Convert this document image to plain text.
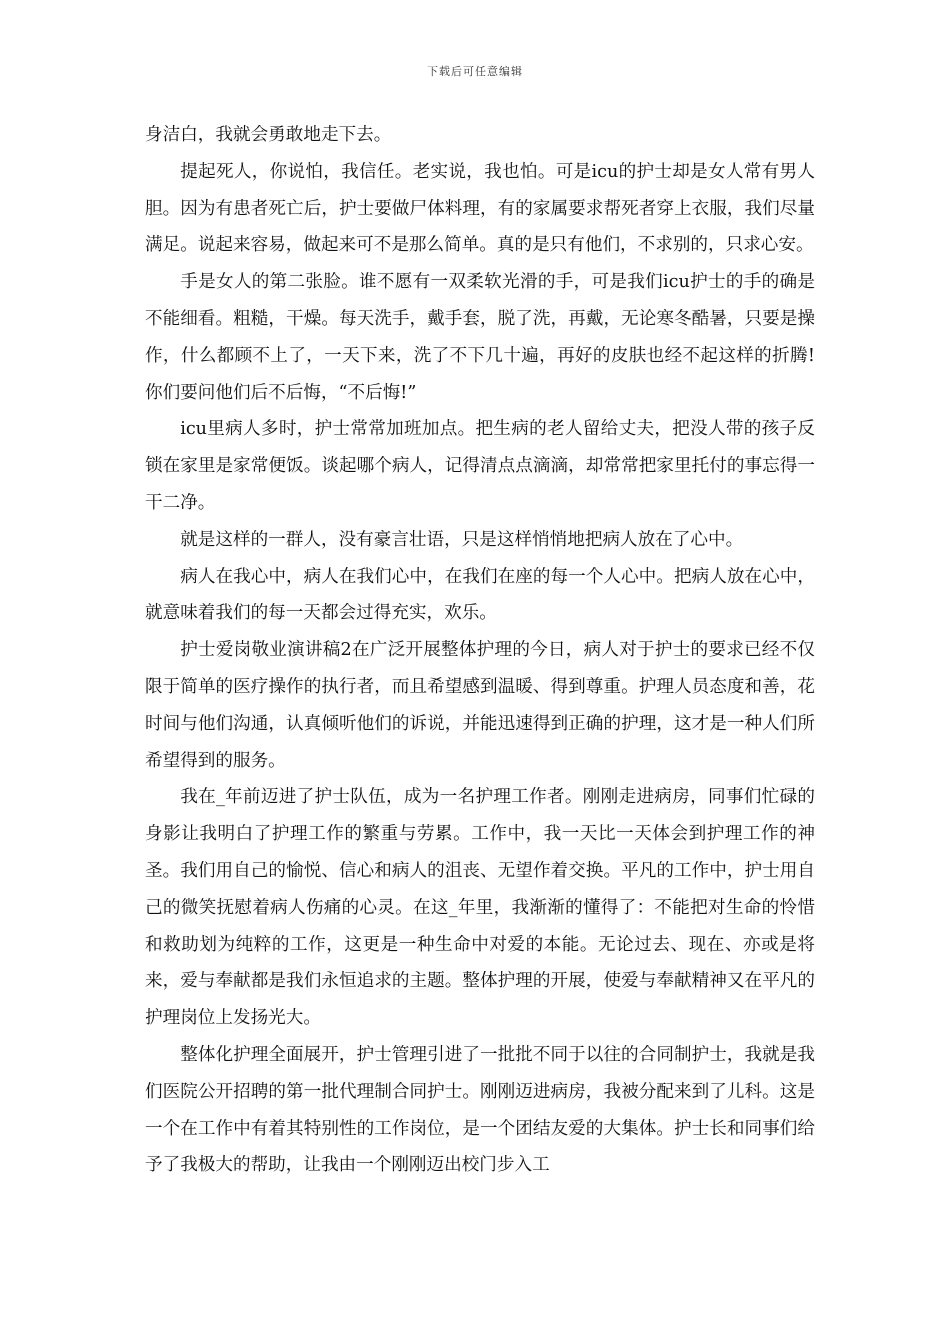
下载后可任意编辑

身洁白，我就会勇敢地走下去。

提起死人，你说怕，我信任。老实说，我也怕。可是icu的护士却是女人常有男人胆。因为有患者死亡后，护士要做尸体料理，有的家属要求帮死者穿上衣服，我们尽量满足。说起来容易，做起来可不是那么简单。真的是只有他们，不求别的，只求心安。

手是女人的第二张脸。谁不愿有一双柔软光滑的手，可是我们icu护士的手的确是不能细看。粗糙，干燥。每天洗手，戴手套，脱了洗，再戴，无论寒冬酷暑，只要是操作，什么都顾不上了，一天下来，洗了不下几十遍，再好的皮肤也经不起这样的折腾!你们要问他们后不后悔，“不后悔!”

icu里病人多时，护士常常加班加点。把生病的老人留给丈夫，把没人带的孩子反锁在家里是家常便饭。谈起哪个病人，记得清点点滴滴，却常常把家里托付的事忘得一干二净。

就是这样的一群人，没有豪言壮语，只是这样悄悄地把病人放在了心中。

病人在我心中，病人在我们心中，在我们在座的每一个人心中。把病人放在心中，就意味着我们的每一天都会过得充实，欢乐。

护士爱岗敬业演讲稿2在广泛开展整体护理的今日，病人对于护士的要求已经不仅限于简单的医疗操作的执行者，而且希望感到温暖、得到尊重。护理人员态度和善，花时间与他们沟通，认真倾听他们的诉说，并能迅速得到正确的护理，这才是一种人们所希望得到的服务。

我在_年前迈进了护士队伍，成为一名护理工作者。刚刚走进病房，同事们忙碌的身影让我明白了护理工作的繁重与劳累。工作中，我一天比一天体会到护理工作的神圣。我们用自己的愉悦、信心和病人的沮丧、无望作着交换。平凡的工作中，护士用自己的微笑抚慰着病人伤痛的心灵。在这_年里，我渐渐的懂得了：不能把对生命的怜惜和救助划为纯粹的工作，这更是一种生命中对爱的本能。无论过去、现在、亦或是将来，爱与奉献都是我们永恒追求的主题。整体护理的开展，使爱与奉献精神又在平凡的护理岗位上发扬光大。

整体化护理全面展开，护士管理引进了一批批不同于以往的合同制护士，我就是我们医院公开招聘的第一批代理制合同护士。刚刚迈进病房，我被分配来到了儿科。这是一个在工作中有着其特别性的工作岗位，是一个团结友爱的大集体。护士长和同事们给予了我极大的帮助，让我由一个刚刚迈出校门步入工
